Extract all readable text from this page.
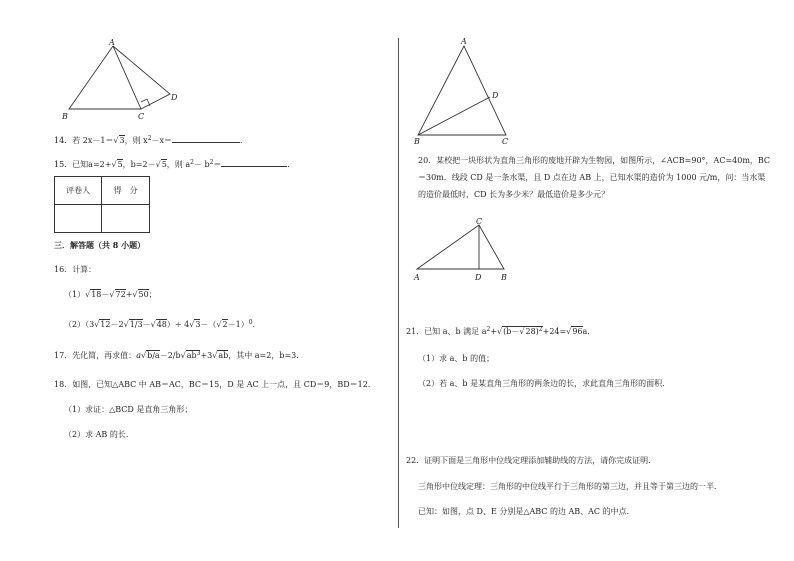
A
B	C
D
14．若 2x－1＝√3，则 $x^2-x=$	．
15．已知a=2+√5，b=2－√5，则 $a^2- b^2=$	．
评卷人	得　分

三．解答题（共 8 小题）
16．计算：
（1）√18－√72+√50；
$(2)(3√12-2√1/3-√48)\div 4√3-(√2-1)^0$．
17．先化简，再求值：$a√b/a-2/b√ab^3+3√ab$，其中 a=2，b=3．
18．如图，已知△ABC 中 AB＝AC，BC＝15，D 是 AC 上一点，且 CD＝9，BD＝12．
（1）求证：△BCD 是直角三角形；
（2）求 AB 的长．
A
B	C
D
20．某校把一块形状为直角三角形的废地开辟为生物园，如图所示，∠ACB=90°，AC=40m，BC
＝30m．线段 CD 是一条水渠，且 D 点在边 AB 上，已知水渠的造价为 1000 元/m，问：当水渠
的造价最低时，CD 长为多少米？最低造价是多少元？
A
C
D B
21．已知 a、b 满足 $a^2+√(b-√28)^2+24=√96a$．
（1）求 a、b 的值；
（2）若 a、b 是某直角三角形的两条边的长，求此直角三角形的面积．
22．证明下面是三角形中位线定理添加辅助线的方法，请你完成证明．
三角形中位线定理：三角形的中位线平行于三角形的第三边，并且等于第三边的一半．
已知：如图，点 D、E 分别是△ABC 的边 AB、AC 的中点．
